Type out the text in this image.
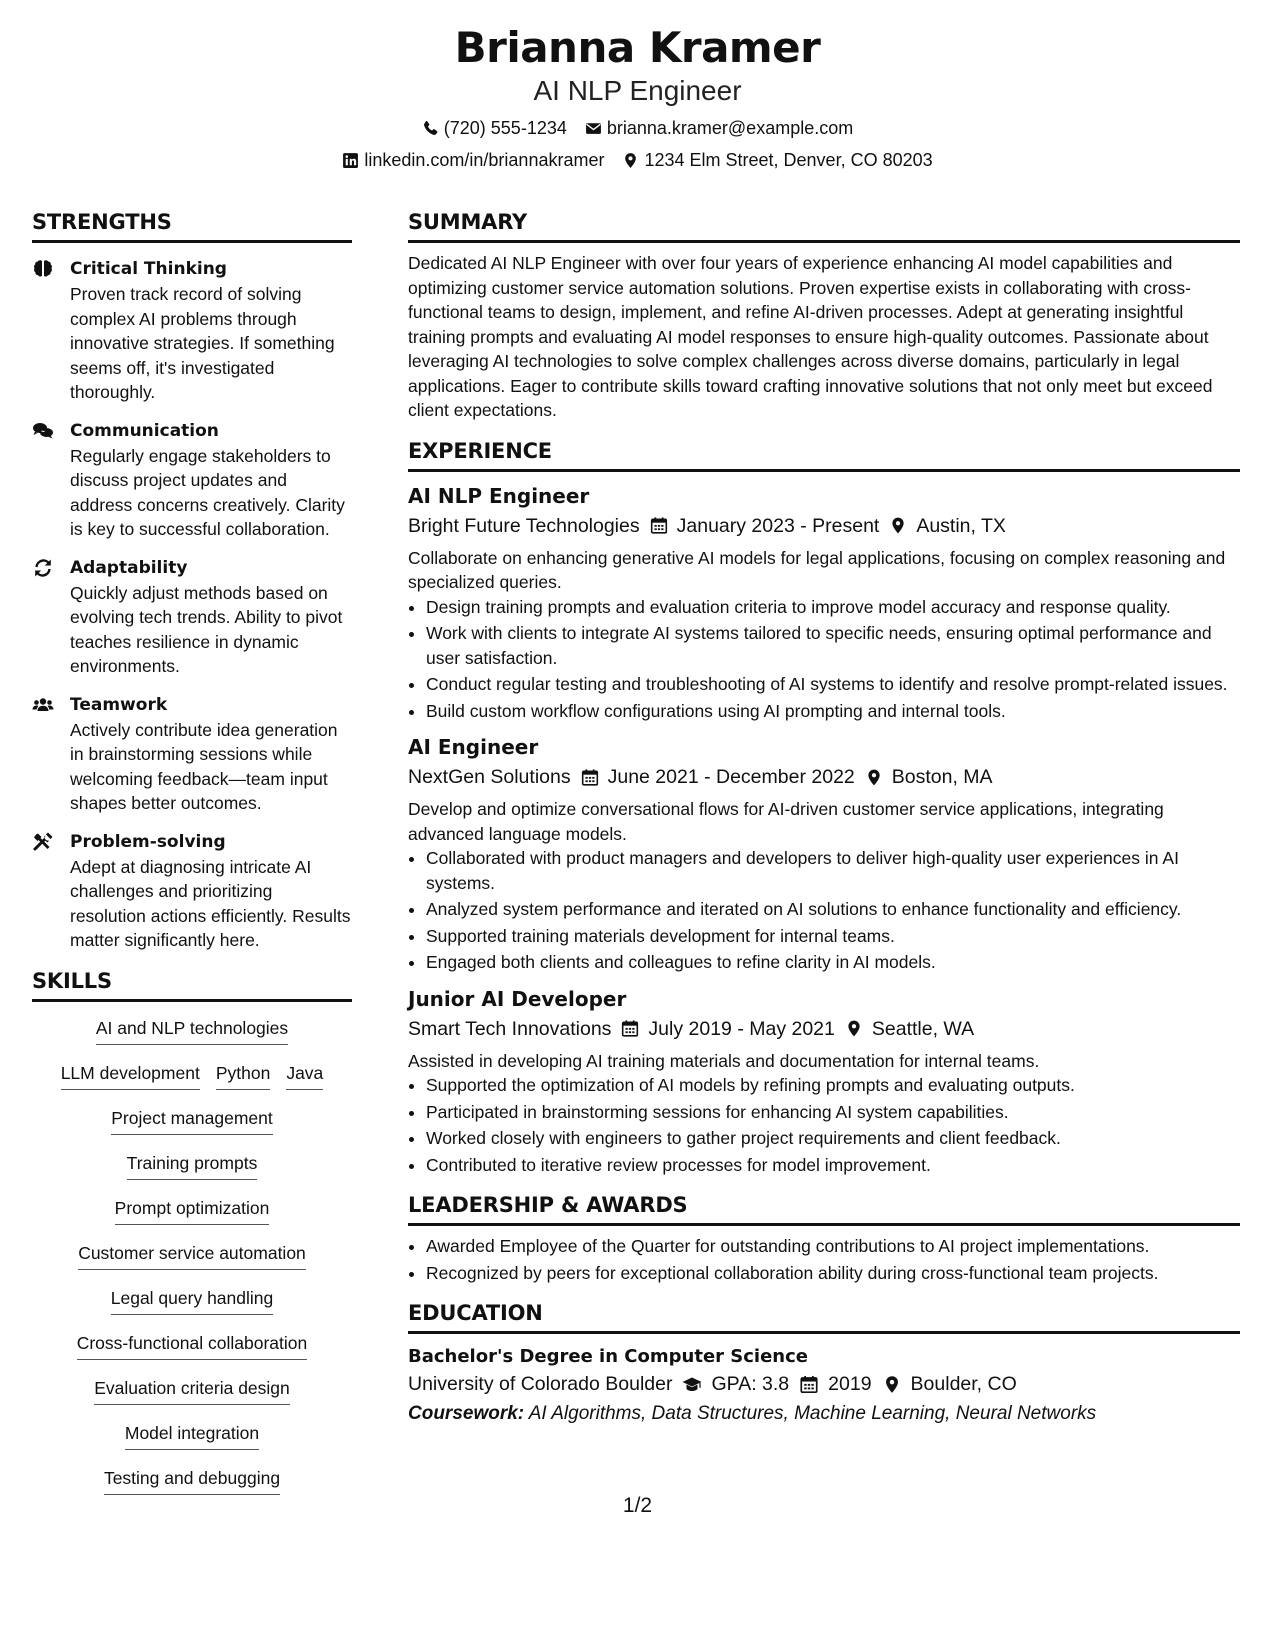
Brianna Kramer
AI NLP Engineer
(720) 555-1234 brianna.kramer@example.com
linkedin.com/in/briannakramer 1234 Elm Street, Denver, CO 80203
STRENGTHS
Critical Thinking
Proven track record of solving complex AI problems through innovative strategies. If something seems off, it's investigated thoroughly.
Communication
Regularly engage stakeholders to discuss project updates and address concerns creatively. Clarity is key to successful collaboration.
Adaptability
Quickly adjust methods based on evolving tech trends. Ability to pivot teaches resilience in dynamic environments.
Teamwork
Actively contribute idea generation in brainstorming sessions while welcoming feedback—team input shapes better outcomes.
Problem-solving
Adept at diagnosing intricate AI challenges and prioritizing resolution actions efficiently. Results matter significantly here.
SKILLS
AI and NLP technologies
LLM development Python Java
Project management
Training prompts
Prompt optimization
Customer service automation
Legal query handling
Cross-functional collaboration
Evaluation criteria design
Model integration
Testing and debugging
SUMMARY
Dedicated AI NLP Engineer with over four years of experience enhancing AI model capabilities and optimizing customer service automation solutions. Proven expertise exists in collaborating with cross-functional teams to design, implement, and refine AI-driven processes. Adept at generating insightful training prompts and evaluating AI model responses to ensure high-quality outcomes. Passionate about leveraging AI technologies to solve complex challenges across diverse domains, particularly in legal applications. Eager to contribute skills toward crafting innovative solutions that not only meet but exceed client expectations.
EXPERIENCE
AI NLP Engineer
Bright Future Technologies January 2023 - Present Austin, TX
Collaborate on enhancing generative AI models for legal applications, focusing on complex reasoning and specialized queries.
• Design training prompts and evaluation criteria to improve model accuracy and response quality.
• Work with clients to integrate AI systems tailored to specific needs, ensuring optimal performance and user satisfaction.
• Conduct regular testing and troubleshooting of AI systems to identify and resolve prompt-related issues.
• Build custom workflow configurations using AI prompting and internal tools.
AI Engineer
NextGen Solutions June 2021 - December 2022 Boston, MA
Develop and optimize conversational flows for AI-driven customer service applications, integrating advanced language models.
• Collaborated with product managers and developers to deliver high-quality user experiences in AI systems.
• Analyzed system performance and iterated on AI solutions to enhance functionality and efficiency.
• Supported training materials development for internal teams.
• Engaged both clients and colleagues to refine clarity in AI models.
Junior AI Developer
Smart Tech Innovations July 2019 - May 2021 Seattle, WA
Assisted in developing AI training materials and documentation for internal teams.
• Supported the optimization of AI models by refining prompts and evaluating outputs.
• Participated in brainstorming sessions for enhancing AI system capabilities.
• Worked closely with engineers to gather project requirements and client feedback.
• Contributed to iterative review processes for model improvement.
LEADERSHIP & AWARDS
• Awarded Employee of the Quarter for outstanding contributions to AI project implementations.
• Recognized by peers for exceptional collaboration ability during cross-functional team projects.
EDUCATION
Bachelor's Degree in Computer Science
University of Colorado Boulder GPA: 3.8 2019 Boulder, CO
Coursework: AI Algorithms, Data Structures, Machine Learning, Neural Networks
1/2
